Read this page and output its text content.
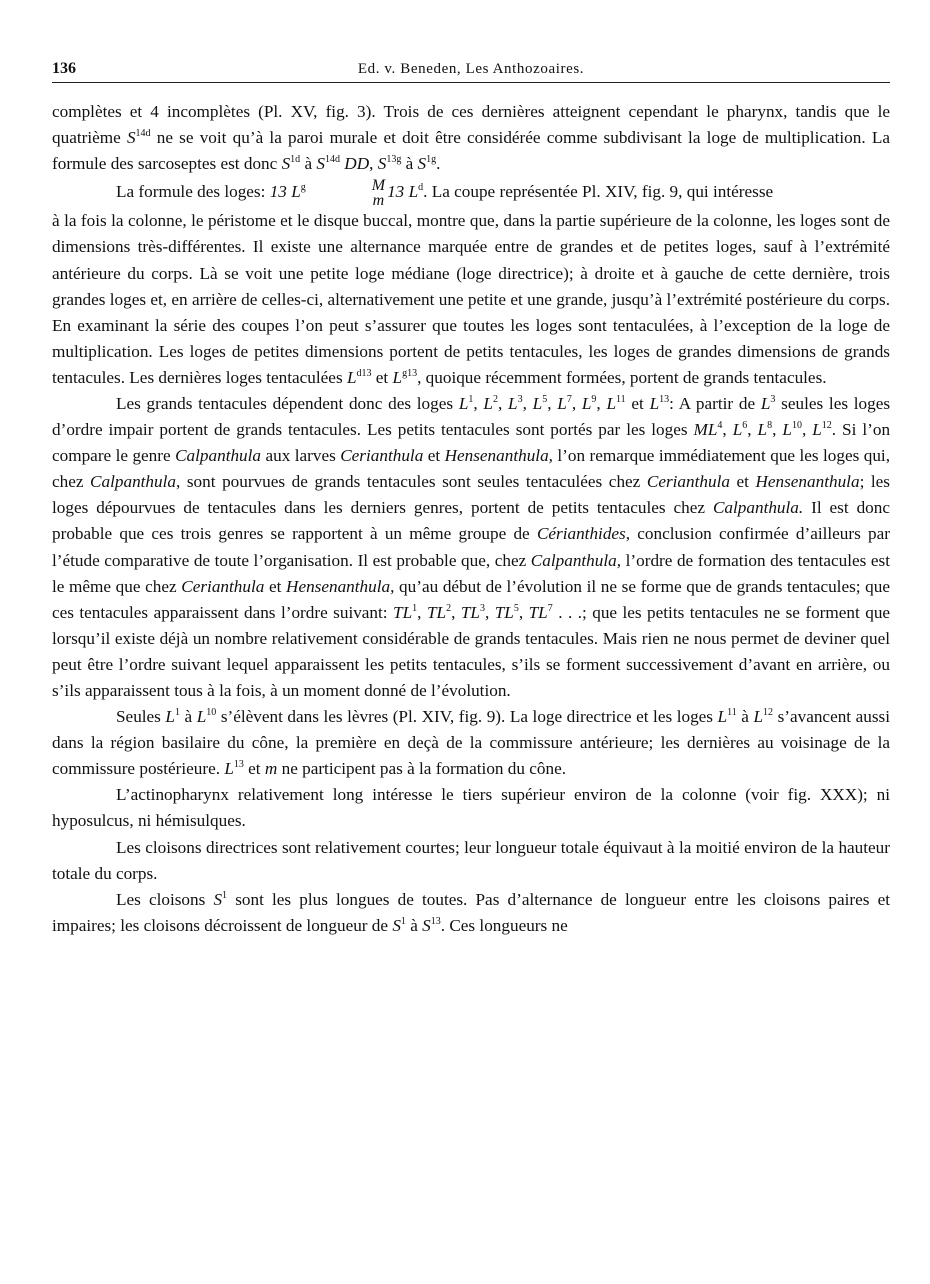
136	Ed. v. Beneden, Les Anthozoaires.

complètes et 4 incomplètes (Pl. XV, fig. 3). Trois de ces dernières atteignent cependant le pharynx, tandis que le quatrième $S^{14d}$ ne se voit qu’à la paroi murale et doit être considérée comme subdivisant la loge de multiplication. La formule des sarcoseptes est donc $S^{1d}$ à $S^{14d}$ DD, $S^{13g}$ à $S^{1g}$.

La formule des loges: 13 $L^g$	M
m 13 $L^d$. La coupe représentée Pl. XIV, fig. 9, qui intéresse

à la fois la colonne, le péristome et le disque buccal, montre que, dans la partie supérieure de la colonne, les loges sont de dimensions très-différentes. Il existe une alternance marquée entre de grandes et de petites loges, sauf à l’extrémité antérieure du corps. Là se voit une petite loge médiane (loge directrice); à droite et à gauche de cette dernière, trois grandes loges et, en arrière de celles-ci, alternativement une petite et une grande, jusqu’à l’extrémité postérieure du corps. En examinant la série des coupes l’on peut s’assurer que toutes les loges sont tentaculées, à l’exception de la loge de multiplication. Les loges de petites dimensions portent de petits tentacules, les loges de grandes dimensions de grands tentacules. Les dernières loges tentaculées $L^{d13}$ et $L^{g13}$, quoique récemment formées, portent de grands tentacules.

Les grands tentacules dépendent donc des loges $L^1$, $L^2$, $L^3$, $L^5$, $L^7$, $L^9$, $L^{11}$ et $L^{13}$: A partir de $L^3$ seules les loges d’ordre impair portent de grands tentacules. Les petits tentacules sont portés par les loges $ML^4$, $L^6$, $L^8$, $L^{10}$, $L^{12}$. Si l’on compare le genre Calpanthula aux larves Cerianthula et Hensenanthula, l’on remarque immédiatement que les loges qui, chez Calpanthula, sont pourvues de grands tentacules sont seules tentaculées chez Cerianthula et Hensenanthula; les loges dépourvues de tentacules dans les derniers genres, portent de petits tentacules chez Calpanthula. Il est donc probable que ces trois genres se rapportent à un même groupe de Cérianthides, conclusion confirmée d’ailleurs par l’étude comparative de toute l’organisation. Il est probable que, chez Calpanthula, l’ordre de formation des tentacules est le même que chez Cerianthula et Hensenanthula, qu’au début de l’évolution il ne se forme que de grands tentacules; que ces tentacules apparaissent dans l’ordre suivant: $TL^1$, $TL^2$, $TL^3$, $TL^5$, $TL^7$ . . .; que les petits tentacules ne se forment que lorsqu’il existe déjà un nombre relativement considérable de grands tentacules. Mais rien ne nous permet de deviner quel peut être l’ordre suivant lequel apparaissent les petits tentacules, s’ils se forment successivement d’avant en arrière, ou s’ils apparaissent tous à la fois, à un moment donné de l’évolution.

Seules $L^1$ à $L^{10}$ s’élèvent dans les lèvres (Pl. XIV, fig. 9). La loge directrice et les loges $L^{11}$ à $L^{12}$ s’avancent aussi dans la région basilaire du cône, la première en deçà de la commissure antérieure; les dernières au voisinage de la commissure postérieure. $L^{13}$ et m ne participent pas à la formation du cône.

L’actinopharynx relativement long intéresse le tiers supérieur environ de la colonne (voir fig. XXX); ni hyposulcus, ni hémisulques.

Les cloisons directrices sont relativement courtes; leur longueur totale équivaut à la moitié environ de la hauteur totale du corps.

Les cloisons $S^1$ sont les plus longues de toutes. Pas d’alternance de longueur entre les cloisons paires et impaires; les cloisons décroissent de longueur de $S^1$ à $S^{13}$. Ces longueurs ne
